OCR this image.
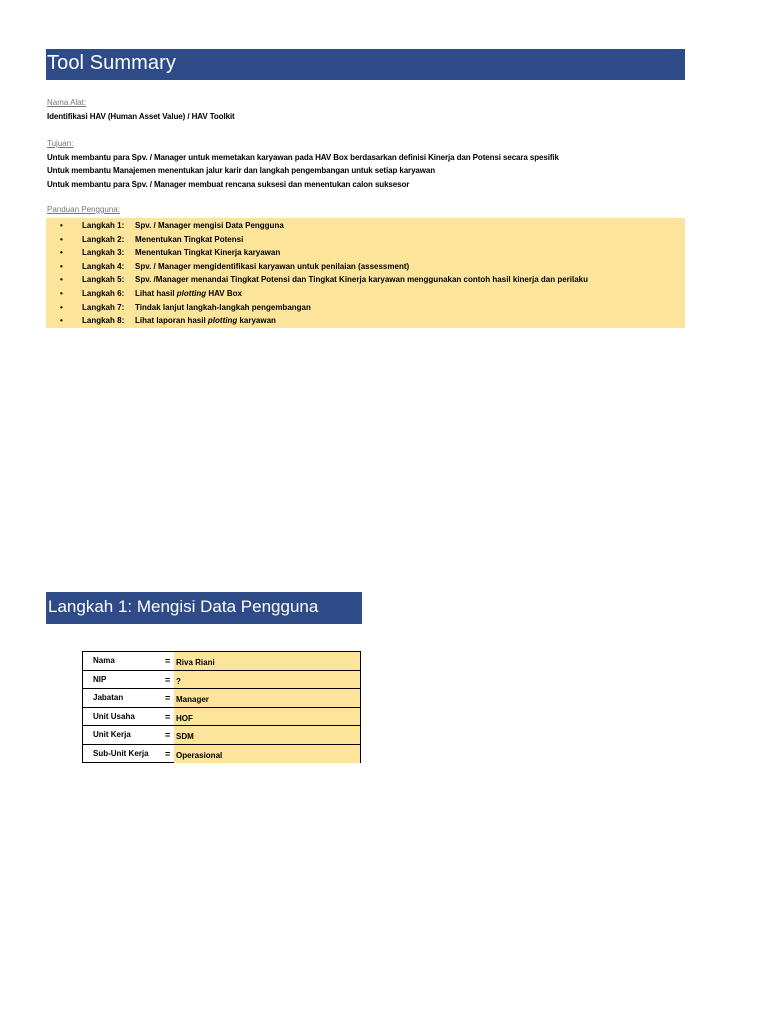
Tool Summary
Nama Alat:
Identifikasi HAV (Human Asset Value) / HAV Toolkit
Tujuan:
Untuk membantu para Spv. / Manager untuk memetakan karyawan pada HAV Box berdasarkan definisi Kinerja dan Potensi secara spesifik
Untuk membantu Manajemen menentukan jalur karir dan langkah pengembangan untuk setiap karyawan
Untuk membantu para Spv. / Manager membuat rencana suksesi dan menentukan calon suksesor
Panduan Pengguna:
• Langkah 1: Spv. / Manager mengisi Data Pengguna
• Langkah 2: Menentukan Tingkat Potensi
• Langkah 3: Menentukan Tingkat Kinerja karyawan
• Langkah 4: Spv. / Manager mengidentifikasi karyawan untuk penilaian (assessment)
• Langkah 5: Spv. /Manager menandai Tingkat Potensi dan Tingkat Kinerja karyawan menggunakan contoh hasil kinerja dan perilaku
• Langkah 6: Lihat hasil plotting HAV Box
• Langkah 7: Tindak lanjut langkah-langkah pengembangan
• Langkah 8: Lihat laporan hasil plotting karyawan
Langkah 1: Mengisi Data Pengguna
Nama	= Riva Riani
NIP	= ?
Jabatan	= Manager
Unit Usaha	= HOF
Unit Kerja	= SDM
Sub-Unit Kerja	= Operasional
